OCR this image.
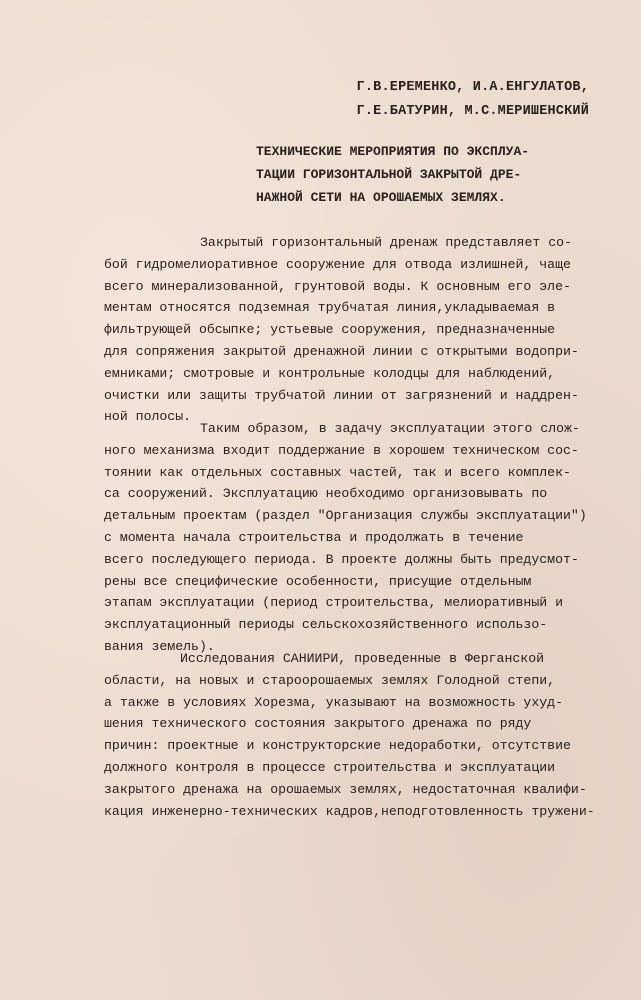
Г.В.ЕРЕМЕНКО, И.А.ЕНГУЛАТОВ,
Г.Е.БАТУРИН, М.С.МЕРИШЕНСКИЙ
ТЕХНИЧЕСКИЕ МЕРОПРИЯТИЯ ПО ЭКСПЛУА-
ТАЦИИ ГОРИЗОНТАЛЬНОЙ ЗАКРЫТОЙ ДРЕ-
НАЖНОЙ СЕТИ НА ОРОШАЕМЫХ ЗЕМЛЯХ.
Закрытый горизонтальный дренаж представляет со-
бой гидромелиоративное сооружение для отвода излишней, чаще
всего минерализованной, грунтовой воды. К основным его эле-
ментам относятся подземная трубчатая линия,укладываемая в
фильтрующей обсыпке; устьевые сооружения, предназначенные
для сопряжения закрытой дренажной линии с открытыми водопри-
емниками; смотровые и контрольные колодцы для наблюдений,
очистки или защиты трубчатой линии от загрязнений и наддрен-
ной полосы.
Таким образом, в задачу эксплуатации этого слож-
ного механизма входит поддержание в хорошем техническом сос-
тоянии как отдельных составных частей, так и всего комплек-
са сооружений. Эксплуатацию необходимо организовывать по
детальным проектам (раздел "Организация службы эксплуатации")
с момента начала строительства и продолжать в течение
всего последующего периода. В проекте должны быть предусмот-
рены все специфические особенности, присущие отдельным
этапам эксплуатации (период строительства, мелиоративный и
эксплуатационный периоды сельскохозяйственного использо-
вания земель).
Исследования САНИИРИ, проведенные в Ферганской
области, на новых и староорошаемых землях Голодной степи,
а также в условиях Хорезма, указывают на возможность ухуд-
шения технического состояния закрытого дренажа по ряду
причин: проектные и конструкторские недоработки, отсутствие
должного контроля в процессе строительства и эксплуатации
закрытого дренажа на орошаемых землях, недостаточная квалифи-
кация инженерно-технических кадров,неподготовленность тружени-
